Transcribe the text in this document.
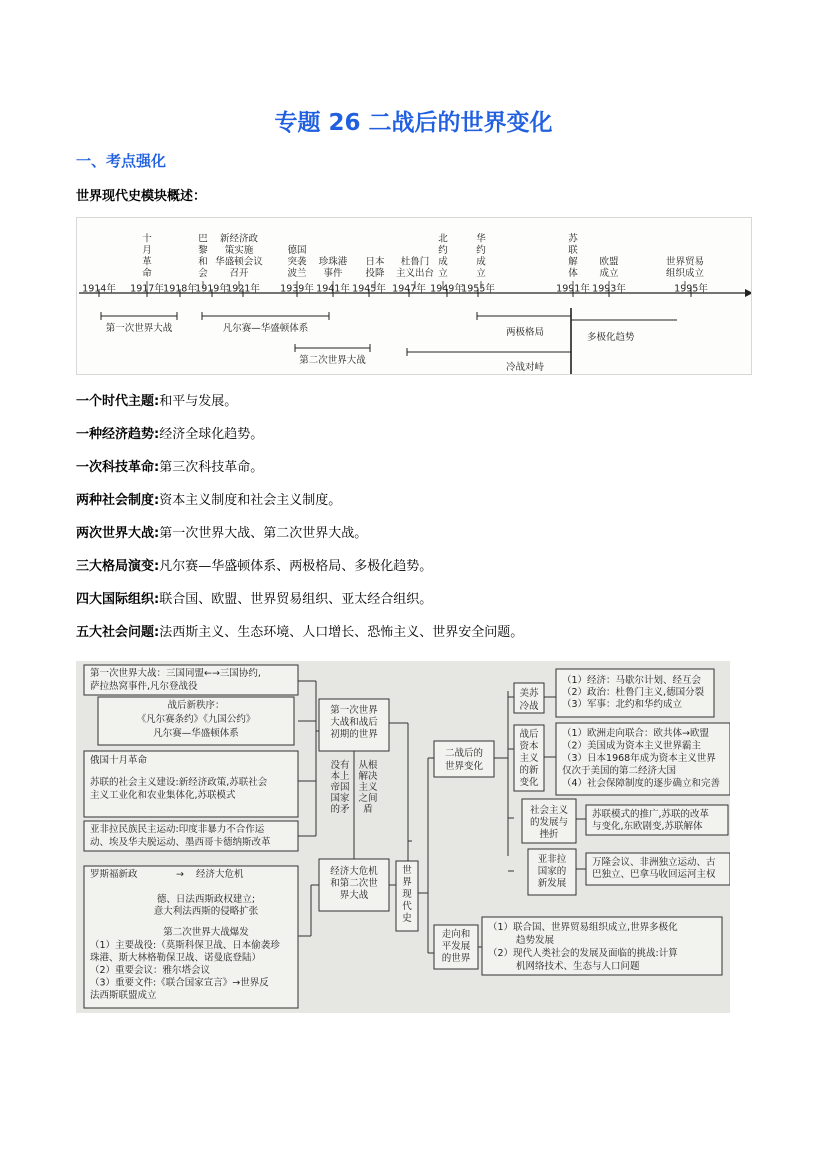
专题 26 二战后的世界变化
一、考点强化
世界现代史模块概述：
1914年 1917年 1918年
1919年
1921年 1939年 1941年 1945年 1947年 1949年
1955年	1991年 1993年	1995年
十
月
革
命
巴
黎
和
会
新经济政
策实施
华盛顿会议
召开
德国
突袭
波兰
珍珠港
事件
日本
投降
杜鲁门
主义出台
北
约
成
立
华
约
成
立
苏
联
解
体
欧盟
成立
世界贸易
组织成立
第一次世界大战	凡尔赛—华盛顿体系
第二次世界大战
两极格局
冷战对峙
多极化趋势
一个时代主题:和平与发展。
一种经济趋势:经济全球化趋势。
一次科技革命:第三次科技革命。
两种社会制度:资本主义制度和社会主义制度。
两次世界大战:第一次世界大战、第二次世界大战。
三大格局演变:凡尔赛—华盛顿体系、两极格局、多极化趋势。
四大国际组织:联合国、欧盟、世界贸易组织、亚太经合组织。
五大社会问题:法西斯主义、生态环境、人口增长、恐怖主义、世界安全问题。
第一次世界大战：三国同盟←→三国协约,
萨拉热窝事件,凡尔登战役
战后新秩序：
《凡尔赛条约》《九国公约》
凡尔赛—华盛顿体系
俄国十月革命
苏联的社会主义建设:新经济政策,苏联社会
主义工业化和农业集体化,苏联模式
亚非拉民族民主运动:印度非暴力不合作运
动、埃及华夫脱运动、墨西哥卡德纳斯改革
罗斯福新政	→ 经济大危机
德、日法西斯政权建立;
意大利法西斯的侵略扩张
第二次世界大战爆发
（1）主要战役:（莫斯科保卫战、日本偷袭珍
珠港、斯大林格勒保卫战、诺曼底登陆）
（2）重要会议：雅尔塔会议
（3）重要文件:《联合国家宣言》→世界反
法西斯联盟成立
第一次世界
大战和战后
初期的世界
没有
本上
帝国
国家
的矛
从根
解决
主义
之间
盾
经济大危机
和第二次世
界大战
世
界
现
代
史
二战后的
世界变化
走向和
平发展
的世界
美苏
冷战
（1）经济：马歇尔计划、经互会
（2）政治：杜鲁门主义,德国分裂
（3）军事：北约和华约成立
战后
资本
主义
的新
变化
（1）欧洲走向联合：欧共体→欧盟
（2）美国成为资本主义世界霸主
（3）日本1968年成为资本主义世界
仅次于美国的第二经济大国
（4）社会保障制度的逐步确立和完善
社会主义
的发展与
挫折
苏联模式的推广,苏联的改革
与变化,东欧剧变,苏联解体
亚非拉
国家的
新发展
万隆会议、非洲独立运动、古
巴独立、巴拿马收回运河主权
（1）联合国、世界贸易组织成立,世界多极化
趋势发展
（2）现代人类社会的发展及面临的挑战:计算
机网络技术、生态与人口问题
